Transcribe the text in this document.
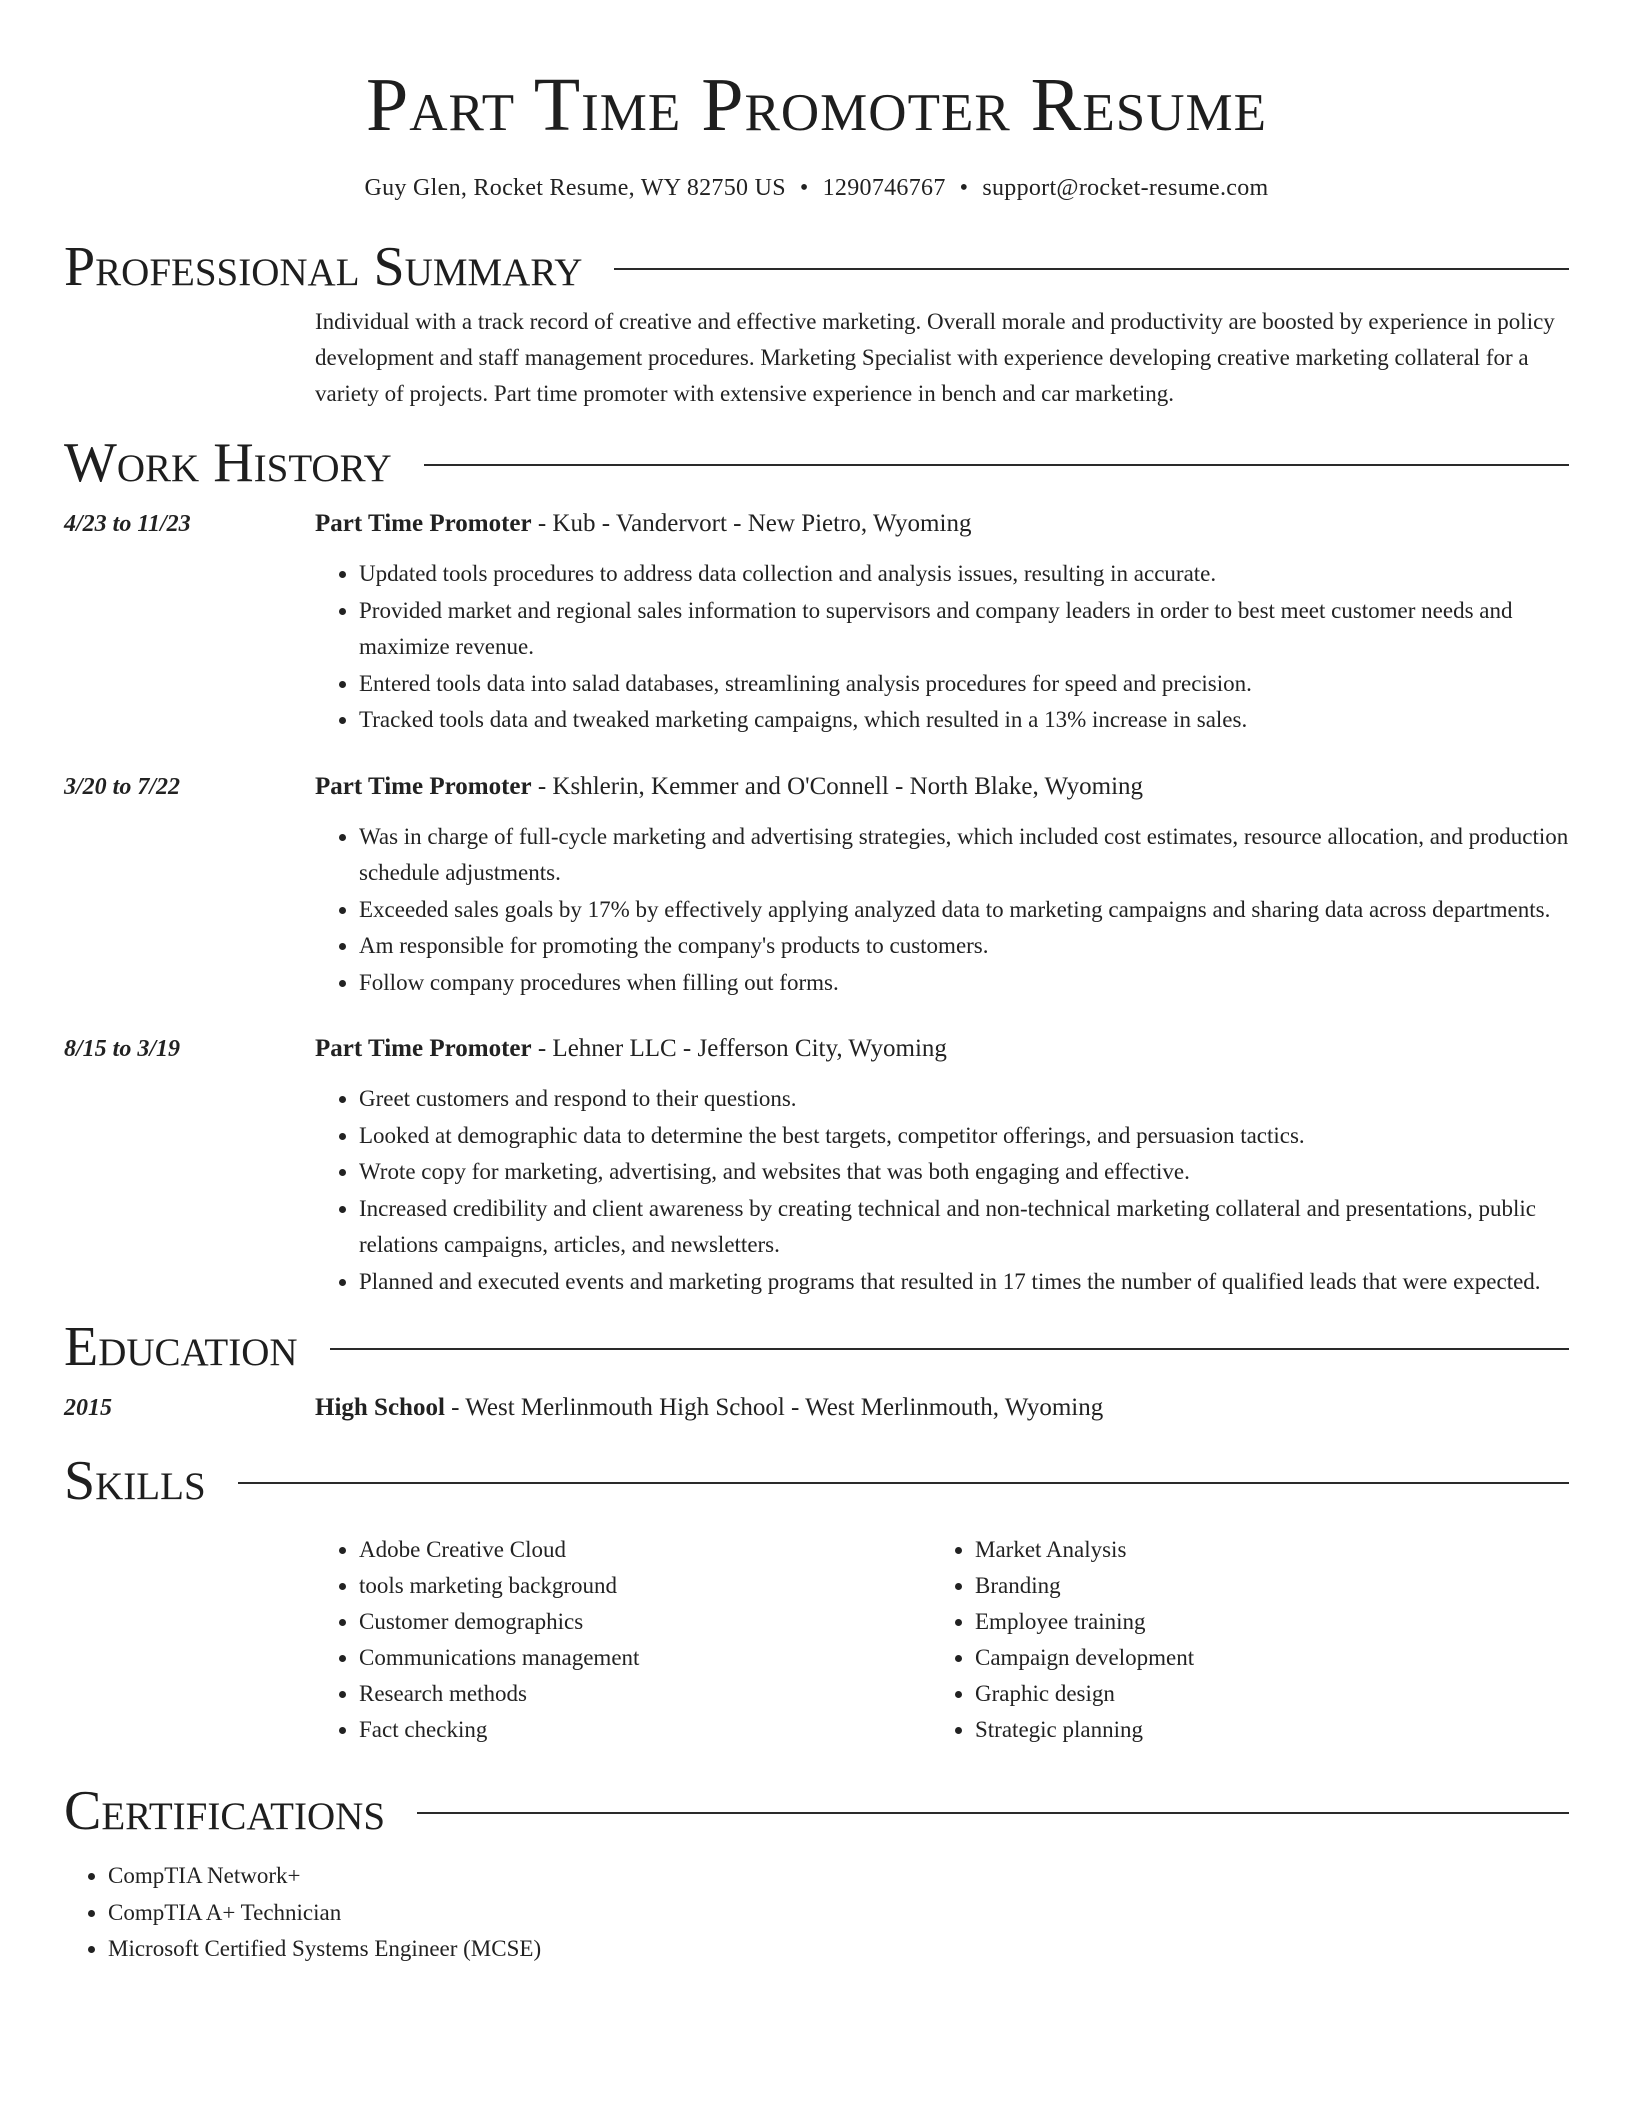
Part Time Promoter Resume
Guy Glen, Rocket Resume, WY 82750 US • 1290746767 • support@rocket-resume.com
Professional Summary
Individual with a track record of creative and effective marketing. Overall morale and productivity are boosted by experience in policy development and staff management procedures. Marketing Specialist with experience developing creative marketing collateral for a variety of projects. Part time promoter with extensive experience in bench and car marketing.
Work History
4/23 to 11/23	Part Time Promoter - Kub - Vandervort - New Pietro, Wyoming
• Updated tools procedures to address data collection and analysis issues, resulting in accurate.
• Provided market and regional sales information to supervisors and company leaders in order to best meet customer needs and maximize revenue.
• Entered tools data into salad databases, streamlining analysis procedures for speed and precision.
• Tracked tools data and tweaked marketing campaigns, which resulted in a 13% increase in sales.
3/20 to 7/22	Part Time Promoter - Kshlerin, Kemmer and O'Connell - North Blake, Wyoming
• Was in charge of full-cycle marketing and advertising strategies, which included cost estimates, resource allocation, and production schedule adjustments.
• Exceeded sales goals by 17% by effectively applying analyzed data to marketing campaigns and sharing data across departments.
• Am responsible for promoting the company's products to customers.
• Follow company procedures when filling out forms.
8/15 to 3/19	Part Time Promoter - Lehner LLC - Jefferson City, Wyoming
• Greet customers and respond to their questions.
• Looked at demographic data to determine the best targets, competitor offerings, and persuasion tactics.
• Wrote copy for marketing, advertising, and websites that was both engaging and effective.
• Increased credibility and client awareness by creating technical and non-technical marketing collateral and presentations, public relations campaigns, articles, and newsletters.
• Planned and executed events and marketing programs that resulted in 17 times the number of qualified leads that were expected.
Education
2015	High School - West Merlinmouth High School - West Merlinmouth, Wyoming
Skills
• Adobe Creative Cloud
• tools marketing background
• Customer demographics
• Communications management
• Research methods
• Fact checking
• Market Analysis
• Branding
• Employee training
• Campaign development
• Graphic design
• Strategic planning
Certifications
• CompTIA Network+
• CompTIA A+ Technician
• Microsoft Certified Systems Engineer (MCSE)
